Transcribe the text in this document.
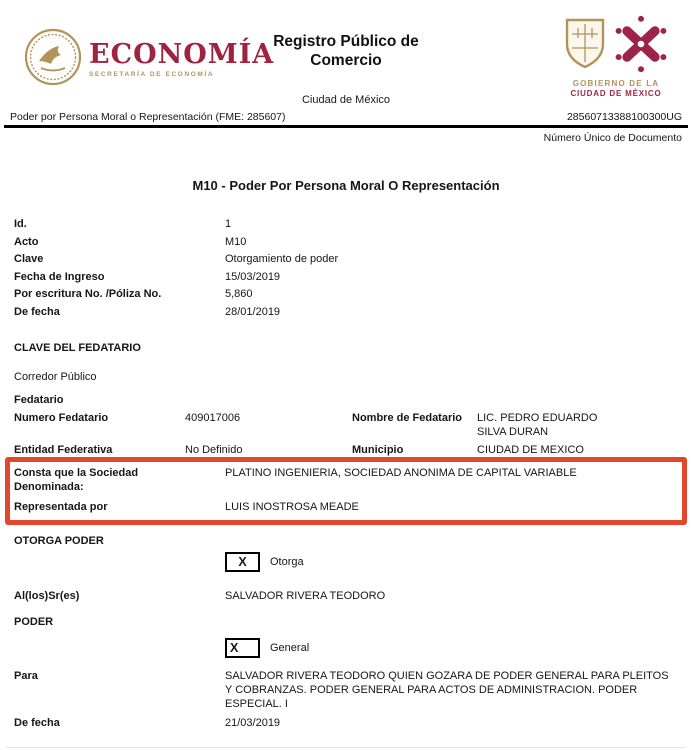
ECONOMÍA
SECRETARÍA DE ECONOMÍA
Registro Público de
Comercio
Ciudad de México
GOBIERNO DE LA
CIUDAD DE MÉXICO
Poder por Persona Moral o Representación (FME: 285607)	28560713388100300UG
Número Único de Documento
M10 - Poder Por Persona Moral O Representación
Id.	1
Acto	M10
Clave	Otorgamiento de poder
Fecha de Ingreso	15/03/2019
Por escritura No. /Póliza No.	5,860
De fecha	28/01/2019
CLAVE DEL FEDATARIO
Corredor Público
Fedatario
Numero Fedatario	409017006	Nombre de Fedatario	LIC. PEDRO EDUARDO SILVA DURAN
Entidad Federativa	No Definido	Municipio	CIUDAD DE MEXICO
Consta que la Sociedad Denominada:
PLATINO INGENIERIA, SOCIEDAD ANONIMA DE CAPITAL VARIABLE
Representada por	LUIS INOSTROSA MEADE
OTORGA PODER
X	Otorga
Al(los)Sr(es)	SALVADOR RIVERA TEODORO
PODER
X	General
Para	SALVADOR RIVERA TEODORO QUIEN GOZARA DE PODER GENERAL PARA PLEITOS Y COBRANZAS. PODER GENERAL PARA ACTOS DE ADMINISTRACION. PODER ESPECIAL. I
De fecha	21/03/2019
